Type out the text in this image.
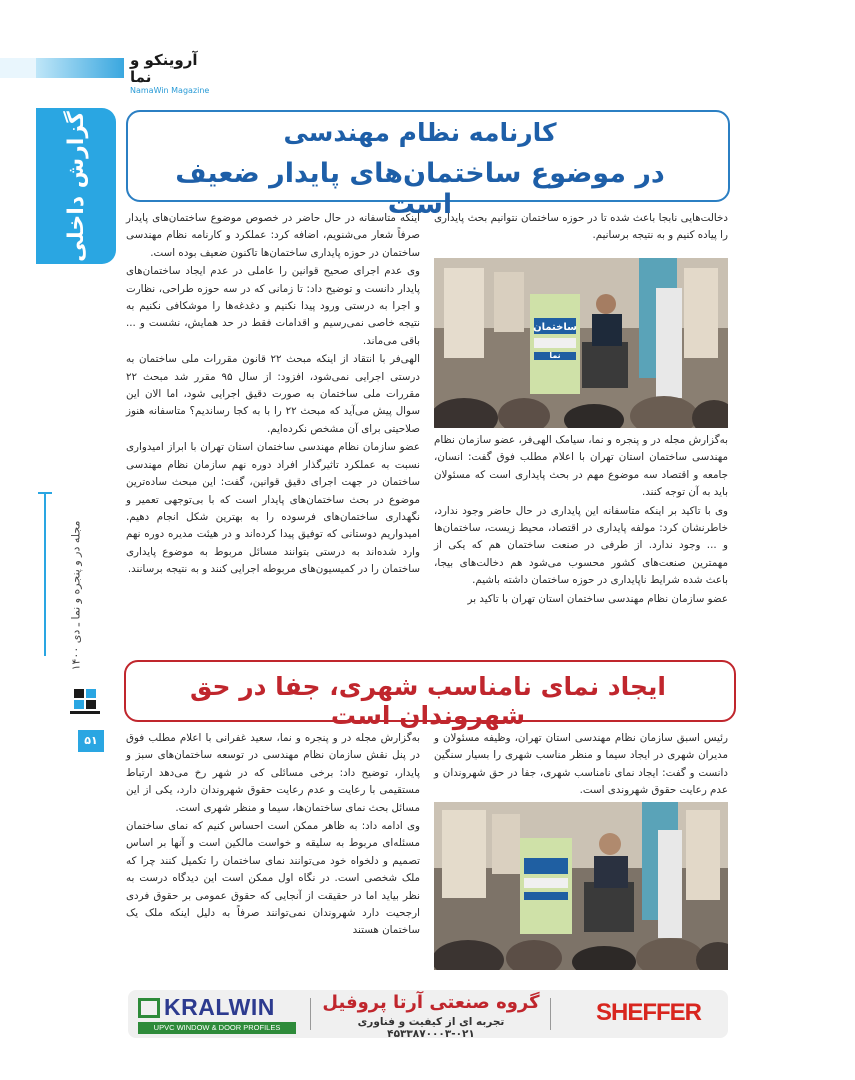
آروینکو و نما
NamaWin Magazine
گزارش داخلی
مجله در و پنجره و نما ـ دی ۱۴۰۰
۵۱
کارنامه نظام مهندسی
در موضوع ساختمان‌های پایدار ضعیف است

دخالت‌هایی نابجا باعث شده تا در حوزه ساختمان نتوانیم بحث پایداری را پیاده کنیم و به نتیجه برسانیم.

ساختمان
نما

به‌گزارش مجله در و پنجره و نما، سیامک الهی‌فر، عضو سازمان نظام مهندسی ساختمان استان تهران با اعلام مطلب فوق گفت: انسان، جامعه و اقتصاد سه موضوع مهم در بحث پایداری است که مسئولان باید به آن توجه کنند.

وی با تاکید بر اینکه متاسفانه این پایداری در حال حاضر وجود ندارد، خاطرنشان کرد: مولفه پایداری در اقتصاد، محیط زیست، ساختمان‌ها و ... وجود ندارد. از طرفی در صنعت ساختمان هم که یکی از مهمترین صنعت‌های کشور محسوب می‌شود هم دخالت‌های بیجا، باعث شده شرایط ناپایداری در حوزه ساختمان داشته باشیم.

عضو سازمان نظام مهندسی ساختمان استان تهران با تاکید بر

اینکه متاسفانه در حال حاضر در خصوص موضوع ساختمان‌های پایدار صرفاً شعار می‌شنویم، اضافه کرد: عملکرد و کارنامه نظام مهندسی ساختمان در حوزه پایداری ساختمان‌ها تاکنون ضعیف بوده است.

وی عدم اجرای صحیح قوانین را عاملی در عدم ایجاد ساختمان‌های پایدار دانست و توضیح داد: تا زمانی که در سه حوزه طراحی، نظارت و اجرا به درستی ورود پیدا نکنیم و دغدغه‌ها را موشکافی نکنیم به نتیجه خاصی نمی‌رسیم و اقدامات فقط در حد همایش، نشست و ... باقی می‌ماند.

الهی‌فر با انتقاد از اینکه مبحث ۲۲ قانون مقررات ملی ساختمان به درستی اجرایی نمی‌شود، افزود: از سال ۹۵ مقرر شد مبحث ۲۲ مقررات ملی ساختمان به صورت دقیق اجرایی شود، اما الان این سوال پیش می‌آید که مبحث ۲۲ را با به کجا رساندیم؟ متاسفانه هنوز صلاحیتی برای آن مشخص نکرده‌ایم.

عضو سازمان نظام مهندسی ساختمان استان تهران با ابراز امیدواری نسبت به عملکرد تاثیرگذار افراد دوره نهم سازمان نظام مهندسی ساختمان در جهت اجرای دقیق قوانین، گفت: این مبحث ساده‌ترین موضوع در بحث ساختمان‌های پایدار است که با بی‌توجهی تعمیر و نگهداری ساختمان‌های فرسوده را به بهترین شکل انجام دهیم. امیدواریم دوستانی که توفیق پیدا کرده‌اند و در هیئت مدیره دوره نهم وارد شده‌اند به درستی بتوانند مسائل مربوط به موضوع پایداری ساختمان را در کمیسیون‌های مربوطه اجرایی کنند و به نتیجه برسانند.

ایجاد نمای نامناسب شهری، جفا در حق شهروندان است

رئیس اسبق سازمان نظام مهندسی استان تهران، وظیفه مسئولان و مدیران شهری در ایجاد سیما و منظر مناسب شهری را بسیار سنگین دانست و گفت: ایجاد نمای نامناسب شهری، جفا در حق شهروندان و عدم رعایت حقوق شهروندی است.

به‌گزارش مجله در و پنجره و نما، سعید غفرانی با اعلام مطلب فوق در پنل نقش سازمان نظام مهندسی در توسعه ساختمان‌های سبز و پایدار، توضیح داد: برخی مسائلی که در شهر رخ می‌دهد ارتباط مستقیمی با رعایت و عدم رعایت حقوق شهروندان دارد، یکی از این مسائل بحث نمای ساختمان‌ها، سیما و منظر شهری است.

وی ادامه داد: به ظاهر ممکن است احساس کنیم که نمای ساختمان مسئله‌ای مربوط به سلیقه و خواست مالکین است و آنها بر اساس تصمیم و دلخواه خود می‌توانند نمای ساختمان را تکمیل کنند چرا که ملک شخصی است. در نگاه اول ممکن است این دیدگاه درست به نظر بیاید اما در حقیقت از آنجایی که حقوق عمومی بر حقوق فردی ارجحیت دارد شهروندان نمی‌توانند صرفاً به دلیل اینکه ملک یک ساختمان هستند

KRALWIN
UPVC WINDOW & DOOR PROFILES
گروه صنعتی آرتا پروفیل
تجربه ای از کیفیت و فناوری ۰۲۱-۴۵۳۳۸۷۰۰۰۳
SHEFFER
